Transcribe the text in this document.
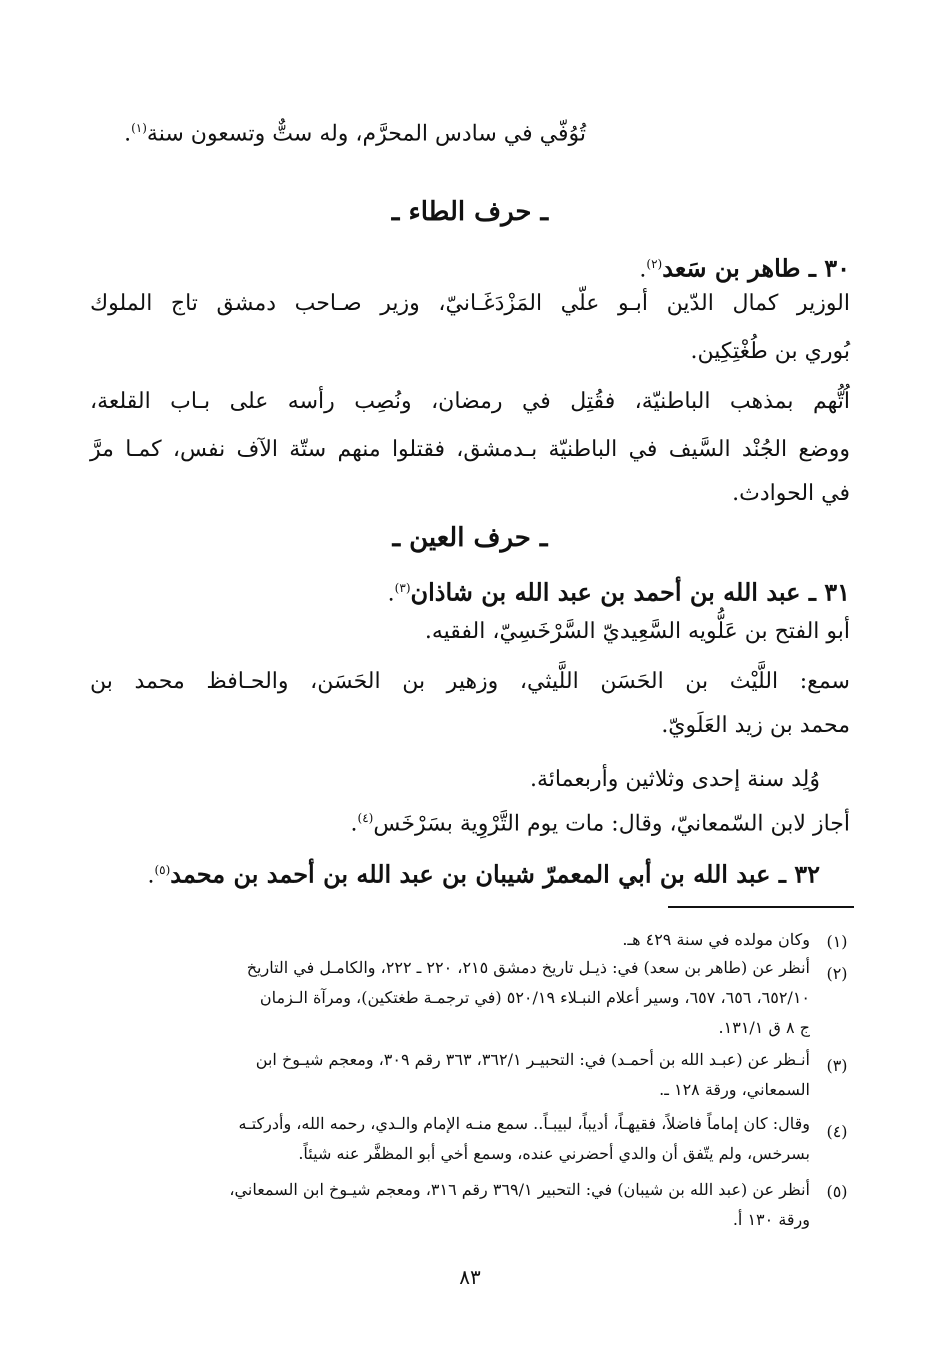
تُوُفّي في سادس المحرَّم، وله ستٌّ وتسعون سنة$^{(١)}$.
ـ حرف الطاء ـ
٣٠ ـ طاهر بن سَعد$^{(٢)}$.
الوزير كمال الدّين أبـو علّي المَزْدَغَـانيّ، وزير صـاحب دمشق تاج الملوك
بُوري بن طُغْتِكِين.
اُتُّهم بمذهب الباطنيّة، فقُتِل في رمضان، ونُصِب رأسه على بـاب القلعة،
ووضع الجُنْد السَّيف في الباطنيّة بـدمشق، فقتلوا منهم ستّة الآف نفس، كمـا مرَّ
في الحوادث.
ـ حرف العين ـ
٣١ ـ عبد الله بن أحمد بن عبد الله بن شاذان$^{(٣)}$.
أبو الفتح بن عَلُّويه السَّعِيديّ السَّرْخَسِيّ، الفقيه.
سمع: اللَّيْث بن الحَسَن اللَّيثي، وزهير بن الحَسَن، والحـافظ محمد بن
محمد بن زيد العَلَويّ.
وُلِد سنة إحدى وثلاثين وأربعمائة.
أجاز لابن السّمعانيّ، وقال: مات يوم التَّرْوِية بسَرْخَس$^{(٤)}$.
٣٢ ـ عبد الله بن أبي المعمرّ شيبان بن عبد الله بن أحمد بن محمد$^{(٥)}$.
(١)
وكان مولده في سنة ٤٢٩ هـ.
(٢)
أنظر عن (طاهر بن سعد) في: ذيـل تاريخ دمشق ٢١٥، ٢٢٠ ـ ٢٢٢، والكامـل في التاريخ
٦٥٢/١٠، ٦٥٦، ٦٥٧، وسير أعلام النبـلاء ٥٢٠/١٩ (في ترجمـة طغتكين)، ومرآة الـزمان
ج ٨ ق ١٣١/١.
(٣)
أنـظر عن (عبـد الله بن أحمـد) في: التحبيـر ٣٦٢/١، ٣٦٣ رقم ٣٠٩، ومعجم شيـوخ ابن
السمعاني، ورقة ١٢٨ ـ.
(٤)
وقال: كان إماماً فاضلاً، فقيهـاً، أديباً، لبيبـاً.. سمع منـه الإمام والـدي، رحمه الله، وأدركتـه
بسرخس، ولم يتّفق أن والدي أحضرني عنده، وسمع أخي أبو المظفَّر عنه شيئاً.
(٥)
أنظر عن (عبد الله بن شيبان) في: التحبير ٣٦٩/١ رقم ٣١٦، ومعجم شيـوخ ابن السمعاني،
ورقة ١٣٠ أ.
٨٣
